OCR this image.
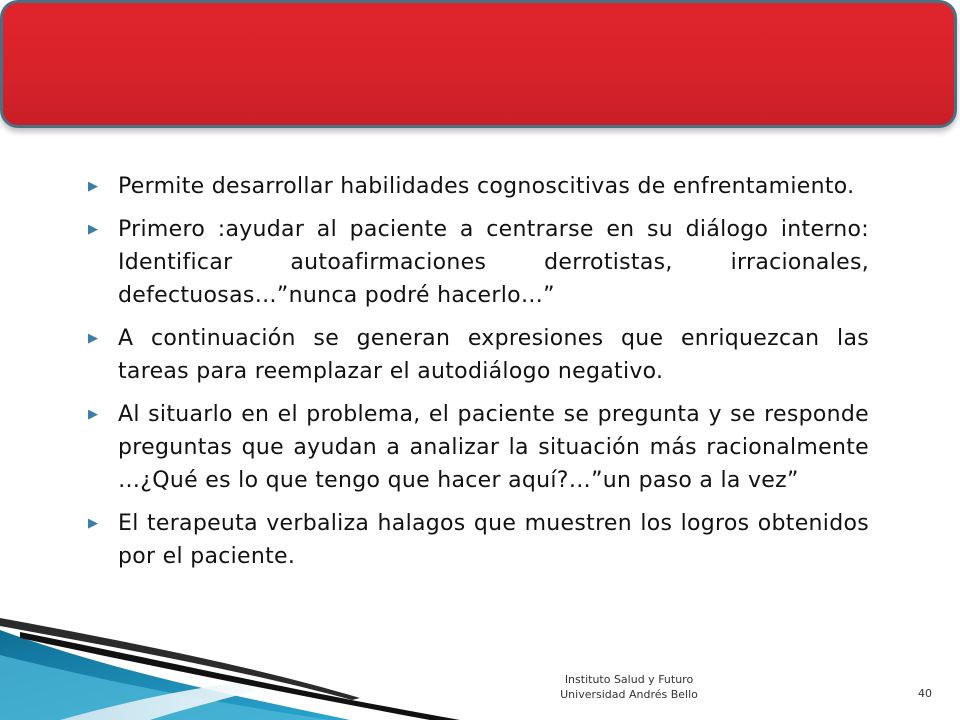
▶ Permite desarrollar habilidades cognoscitivas de enfrentamiento.
▶ Primero :ayudar al paciente a centrarse en su diálogo interno: Identificar autoafirmaciones derrotistas, irracionales, defectuosas…”nunca podré hacerlo…”
▶ A continuación se generan expresiones que enriquezcan las tareas para reemplazar el autodiálogo negativo.
▶ Al situarlo en el problema, el paciente se pregunta y se responde preguntas que ayudan a analizar la situación más racionalmente …¿Qué es lo que tengo que hacer aquí?…”un paso a la vez”
▶ El terapeuta verbaliza halagos que muestren los logros obtenidos por el paciente.
Instituto Salud y Futuro
Universidad Andrés Bello	40
